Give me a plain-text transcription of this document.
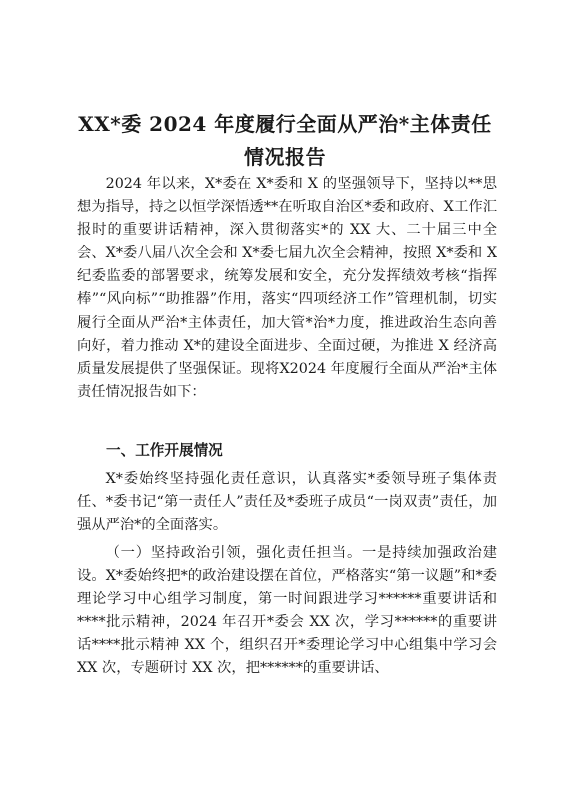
XX*委 2024 年度履行全面从严治*主体责任
情况报告
2024 年以来，X*委在 X*委和 X 的坚强领导下，坚持以**思想为指导，持之以恒学深悟透**在听取自治区*委和政府、X工作汇报时的重要讲话精神，深入贯彻落实*的 XX 大、二十届三中全会、X*委八届八次全会和 X*委七届九次全会精神，按照 X*委和 X 纪委监委的部署要求，统筹发展和安全，充分发挥绩效考核“指挥棒”“风向标”“助推器”作用，落实“四项经济工作”管理机制，切实履行全面从严治*主体责任，加大管*治*力度，推进政治生态向善向好，着力推动 X*的建设全面进步、全面过硬，为推进 X 经济高质量发展提供了坚强保证。现将X2024 年度履行全面从严治*主体责任情况报告如下：
一、工作开展情况
X*委始终坚持强化责任意识，认真落实*委领导班子集体责任、*委书记“第一责任人”责任及*委班子成员“一岗双责”责任，加强从严治*的全面落实。
（一）坚持政治引领，强化责任担当。一是持续加强政治建设。X*委始终把*的政治建设摆在首位，严格落实“第一议题”和*委理论学习中心组学习制度，第一时间跟进学习******重要讲话和****批示精神，2024 年召开*委会 XX 次，学习******的重要讲话****批示精神 XX 个，组织召开*委理论学习中心组集中学习会 XX 次，专题研讨 XX 次，把******的重要讲话、
